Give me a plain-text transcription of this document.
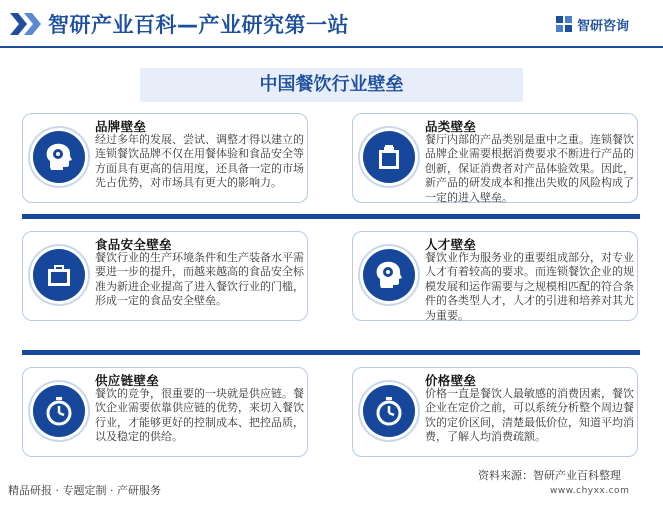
智研产业百科—产业研究第一站	智研咨询
中国餐饮行业壁垒
品牌壁垒
经过多年的发展、尝试、调整才得以建立的连锁餐饮品牌不仅在用餐体验和食品安全等方面具有更高的信用度，还具备一定的市场先占优势，对市场具有更大的影响力。
品类壁垒
餐厅内部的产品类别是重中之重。连锁餐饮品牌企业需要根据消费要求不断进行产品的创新，保证消费者对产品体验效果。因此，新产品的研发成本和推出失败的风险构成了一定的进入壁垒。
食品安全壁垒
餐饮行业的生产环境条件和生产装备水平需要进一步的提升，而越来越高的食品安全标准为新进企业提高了进入餐饮行业的门槛，形成一定的食品安全壁垒。
人才壁垒
餐饮业作为服务业的重要组成部分，对专业人才有着较高的要求。而连锁餐饮企业的规模发展和运作需要与之规模相匹配的符合条件的各类型人才，人才的引进和培养对其尤为重要。
供应链壁垒
餐饮的竞争，很重要的一块就是供应链。餐饮企业需要依靠供应链的优势，来切入餐饮行业，才能够更好的控制成本、把控品质，以及稳定的供给。
价格壁垒
价格一直是餐饮人最敏感的消费因素，餐饮企业在定价之前，可以系统分析整个周边餐饮的定价区间，清楚最低价位，知道平均消费，了解人均消费疏额。
精品研报 · 专题定制 · 产研服务
资料来源：智研产业百科整理
www.chyxx.com
